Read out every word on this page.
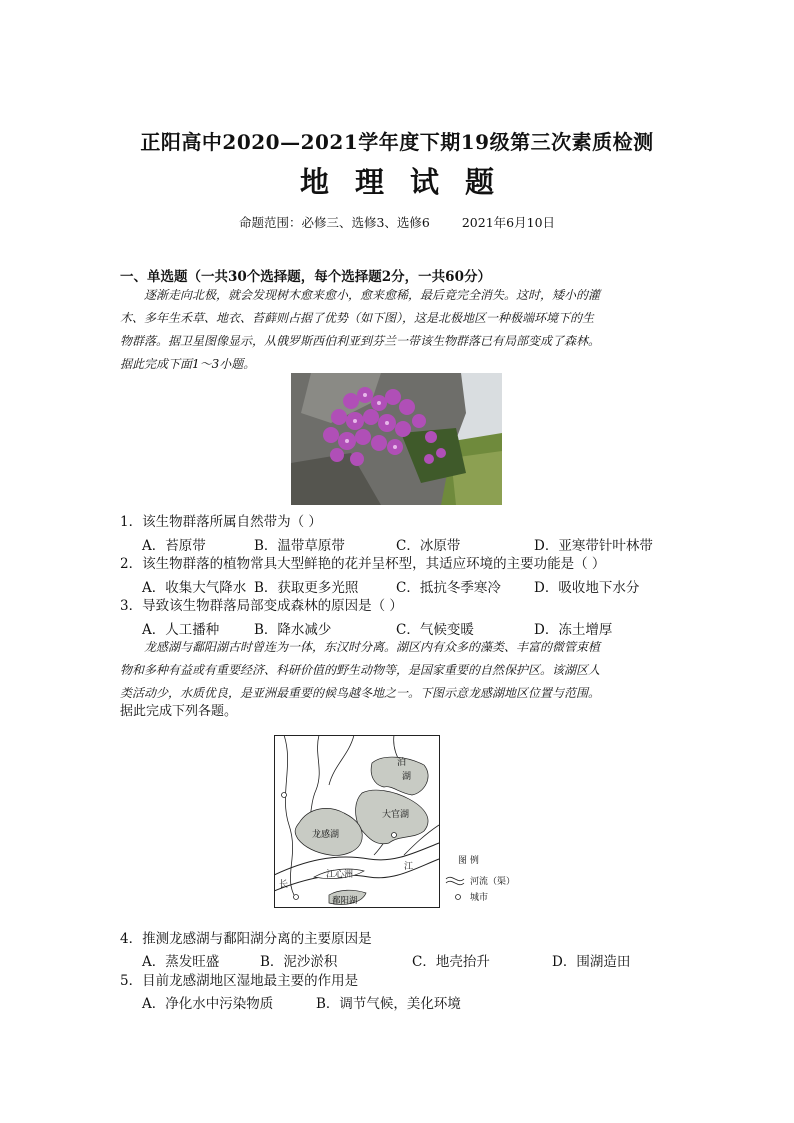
正阳高中2020—2021学年度下期19级第三次素质检测
地理试题
命题范围：必修三、选修3、选修6	2021年6月10日
一、单选题（一共30个选择题，每个选择题2分，一共60分）
逐渐走向北极，就会发现树木愈来愈小，愈来愈稀，最后竟完全消失。这时，矮小的灌
木、多年生禾草、地衣、苔藓则占据了优势（如下图），这是北极地区一种极端环境下的生
物群落。据卫星图像显示，从俄罗斯西伯利亚到芬兰一带该生物群落已有局部变成了森林。
据此完成下面1～3小题。
1．该生物群落所属自然带为（ ）
A．苔原带	B．温带草原带	C．冰原带	D．亚寒带针叶林带
2．该生物群落的植物常具大型鲜艳的花并呈杯型，其适应环境的主要功能是（ ）
A．收集大气降水 B．获取更多光照	C．抵抗冬季寒冷 D．吸收地下水分
3．导致该生物群落局部变成森林的原因是（ ）
A．人工播种	B．降水减少	C．气候变暖	D．冻土增厚
龙感湖与鄱阳湖古时曾连为一体，东汉时分离。湖区内有众多的藻类、丰富的微管束植
物和多种有益或有重要经济、科研价值的野生动物等，是国家重要的自然保护区。该湖区人
类活动少，水质优良，是亚洲最重要的候鸟越冬地之一。下图示意龙感湖地区位置与范围。
据此完成下列各题。
泊
湖
大官湖
龙感湖
江心洲
鄱阳湖
江
长
图 例
河流（渠）
城市
4．推测龙感湖与鄱阳湖分离的主要原因是
A．蒸发旺盛	B．泥沙淤积	C．地壳抬升	D．围湖造田
5．目前龙感湖地区湿地最主要的作用是
A．净化水中污染物质	B．调节气候，美化环境
